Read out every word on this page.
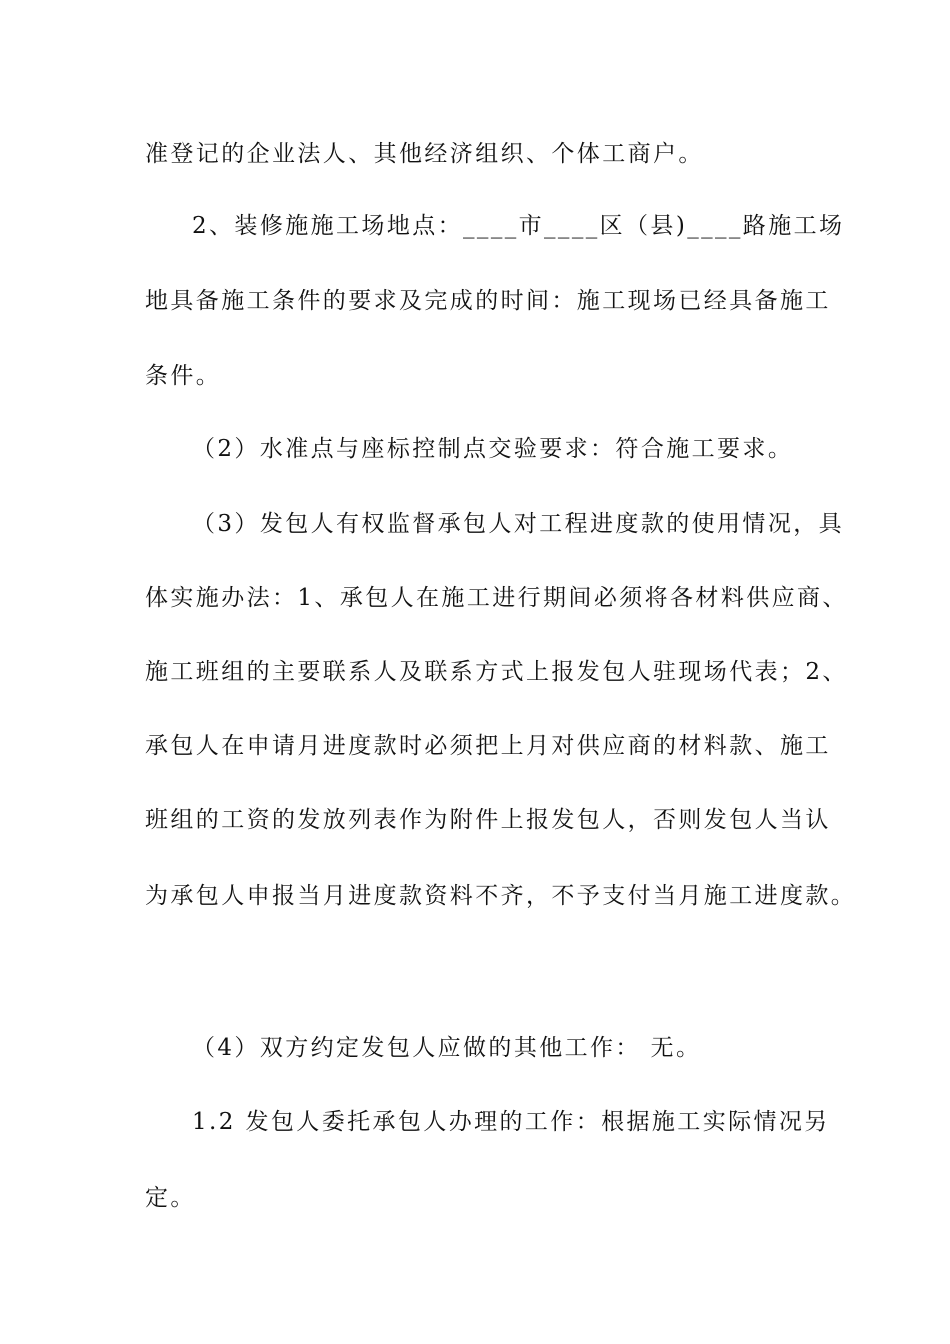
准登记的企业法人、其他经济组织、个体工商户。

2、装修施施工场地点：____市____区（县)____路施工场

地具备施工条件的要求及完成的时间：施工现场已经具备施工

条件。

（2）水准点与座标控制点交验要求：符合施工要求。

（3）发包人有权监督承包人对工程进度款的使用情况，具

体实施办法：1、承包人在施工进行期间必须将各材料供应商、

施工班组的主要联系人及联系方式上报发包人驻现场代表；2、

承包人在申请月进度款时必须把上月对供应商的材料款、施工

班组的工资的发放列表作为附件上报发包人，否则发包人当认

为承包人申报当月进度款资料不齐，不予支付当月施工进度款。

（4）双方约定发包人应做的其他工作： 无。

1.2 发包人委托承包人办理的工作：根据施工实际情况另

定。
